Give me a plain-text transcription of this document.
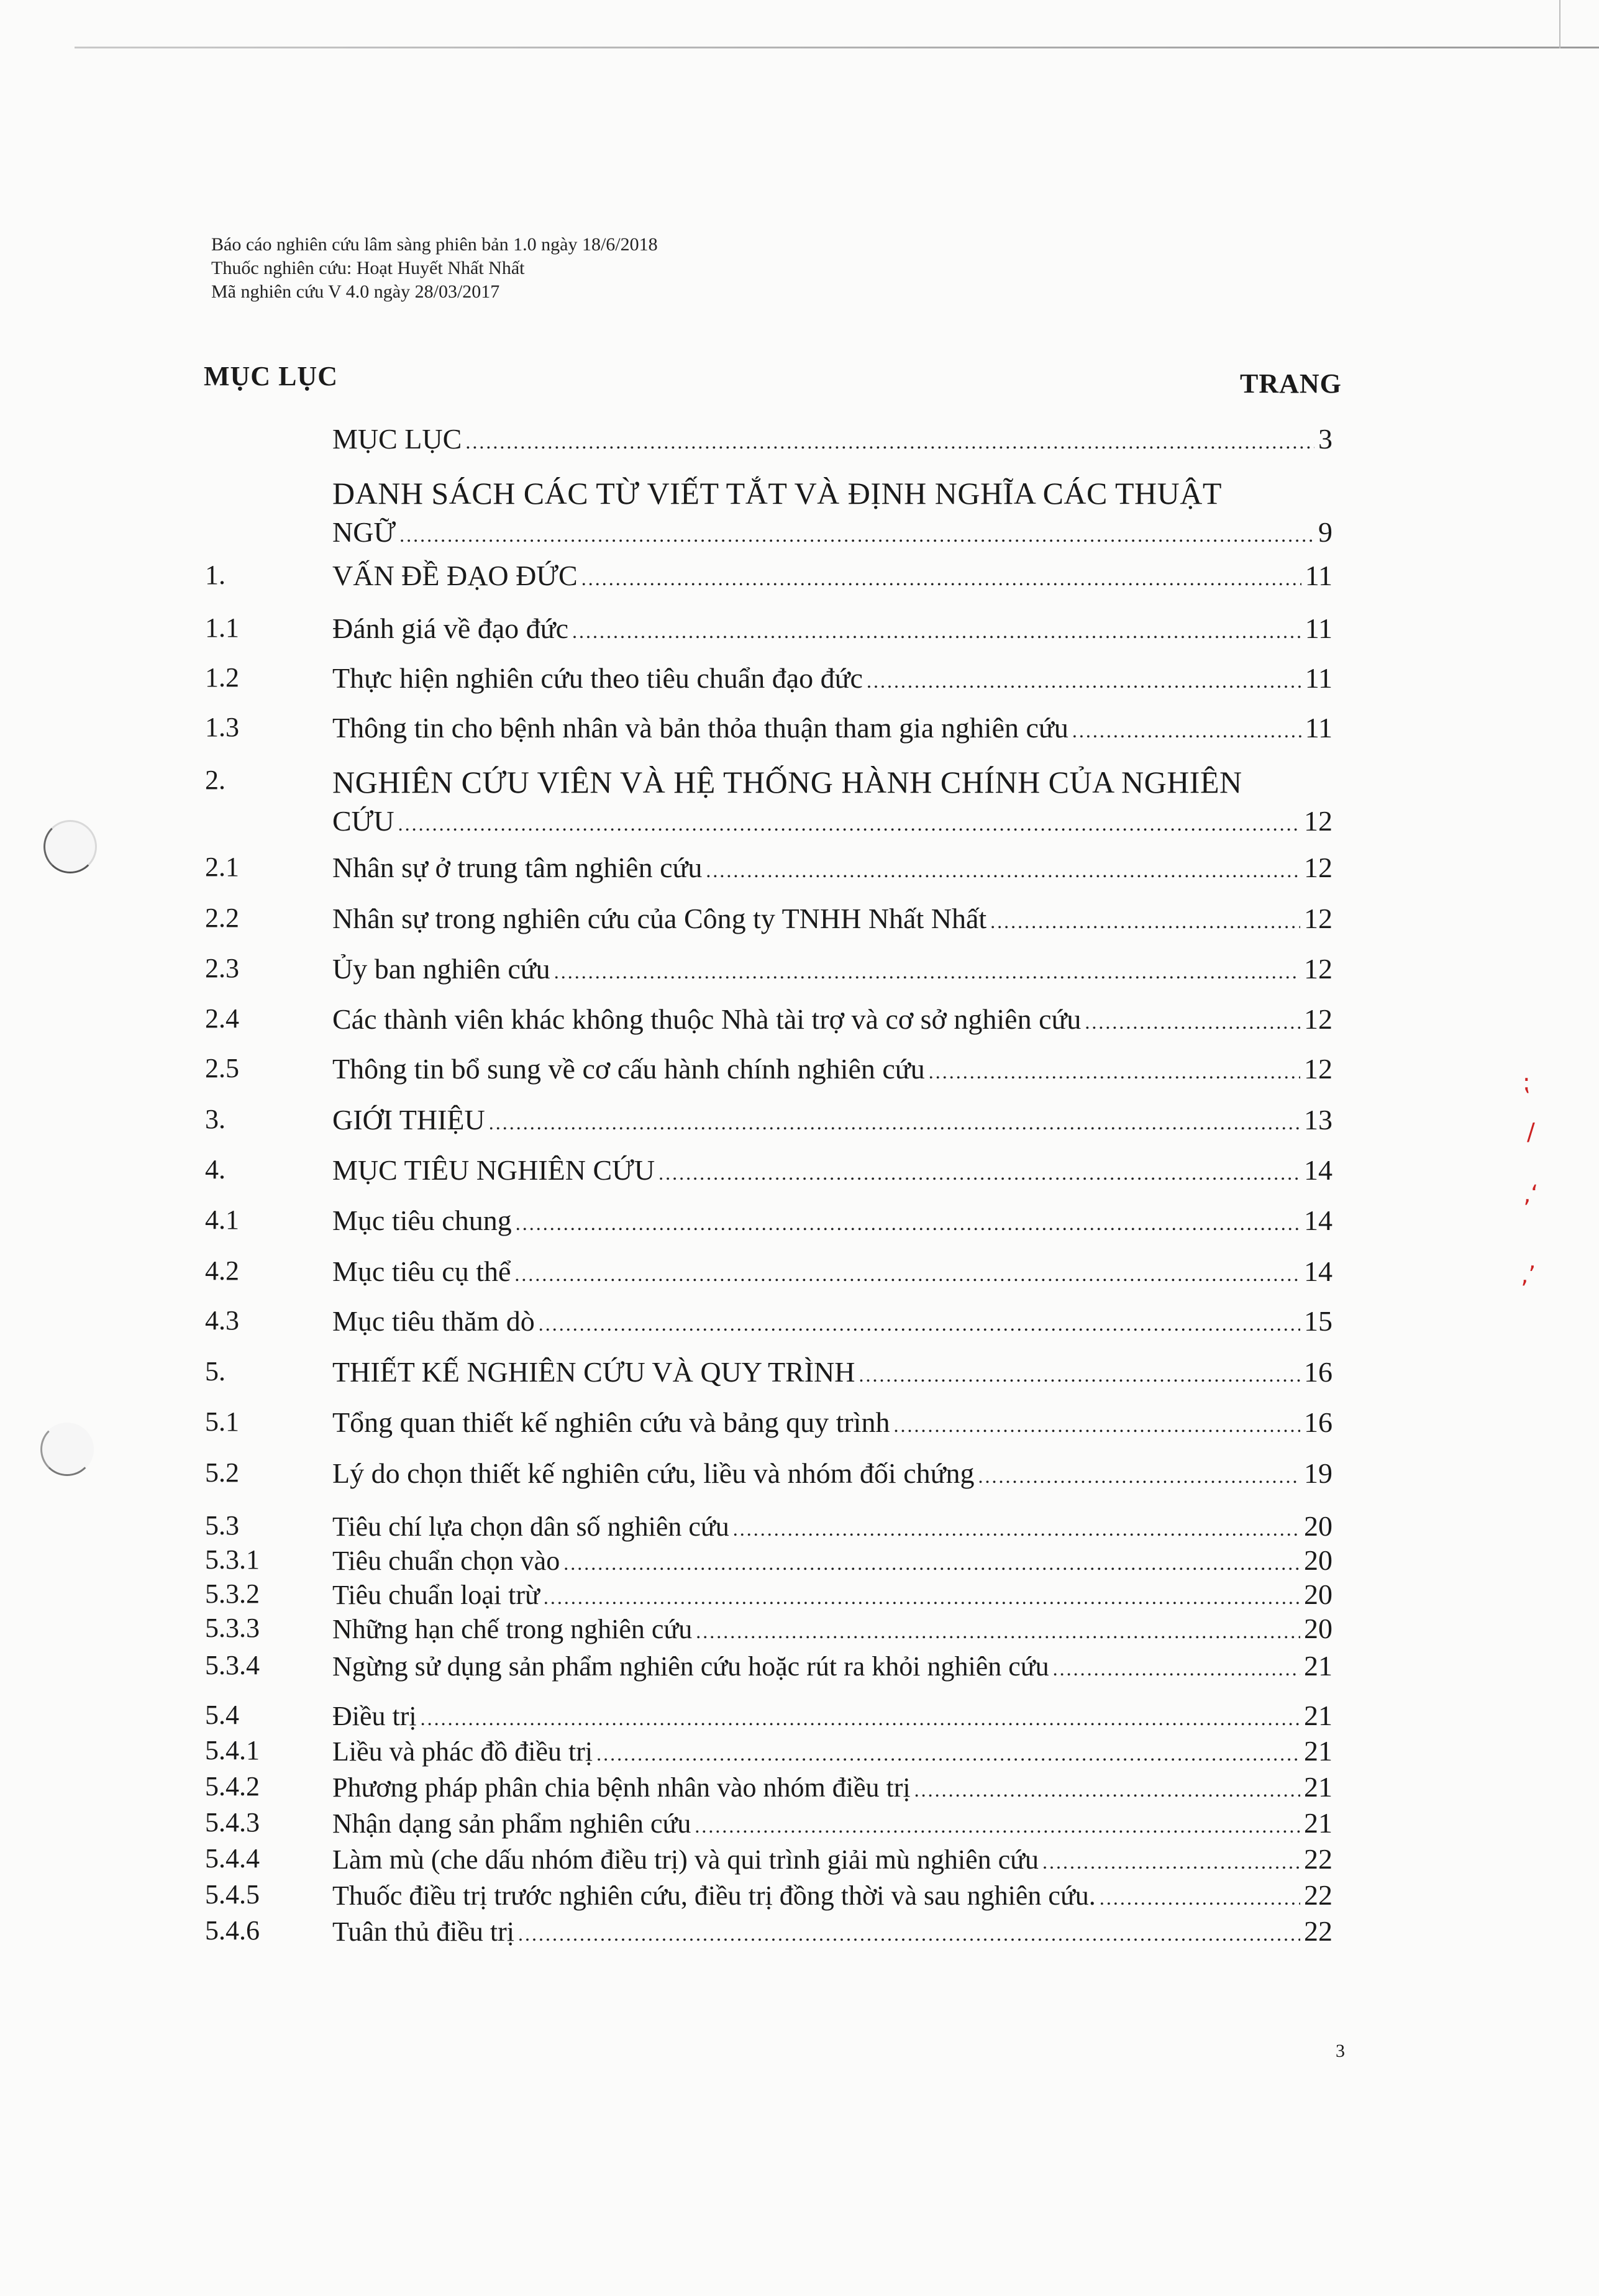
⁏
/
‚‘
‚’
Báo cáo nghiên cứu lâm sàng phiên bản 1.0 ngày 18/6/2018
Thuốc nghiên cứu: Hoạt Huyết Nhất Nhất
Mã nghiên cứu V 4.0 ngày 28/03/2017
MỤC LỤC	TRANG
MỤC LỤC .....	3
DANH SÁCH CÁC TỪ VIẾT TẮT VÀ ĐỊNH NGHĨA CÁC THUẬT
NGỮ .....	9
1.	VẤN ĐỀ ĐẠO ĐỨC .....	11
1.1	Đánh giá về đạo đức .....	11
1.2	Thực hiện nghiên cứu theo tiêu chuẩn đạo đức .....	11
1.3	Thông tin cho bệnh nhân và bản thỏa thuận tham gia nghiên cứu .....	11
2.	NGHIÊN CỨU VIÊN VÀ HỆ THỐNG HÀNH CHÍNH CỦA NGHIÊN
CỨU .....	12
2.1	Nhân sự ở trung tâm nghiên cứu .....	12
2.2	Nhân sự trong nghiên cứu của Công ty TNHH Nhất Nhất .....	12
2.3	Ủy ban nghiên cứu .....	12
2.4	Các thành viên khác không thuộc Nhà tài trợ và cơ sở nghiên cứu .....	12
2.5	Thông tin bổ sung về cơ cấu hành chính nghiên cứu .....	12
3.	GIỚI THIỆU .....	13
4.	MỤC TIÊU NGHIÊN CỨU .....	14
4.1	Mục tiêu chung .....	14
4.2	Mục tiêu cụ thể .....	14
4.3	Mục tiêu thăm dò .....	15
5.	THIẾT KẾ NGHIÊN CỨU VÀ QUY TRÌNH .....	16
5.1	Tổng quan thiết kế nghiên cứu và bảng quy trình .....	16
5.2	Lý do chọn thiết kế nghiên cứu, liều và nhóm đối chứng .....	19
5.3	Tiêu chí lựa chọn dân số nghiên cứu .....	20
5.3.1	Tiêu chuẩn chọn vào .....	20
5.3.2	Tiêu chuẩn loại trừ .....	20
5.3.3	Những hạn chế trong nghiên cứu .....	20
5.3.4	Ngừng sử dụng sản phẩm nghiên cứu hoặc rút ra khỏi nghiên cứu .....	21
5.4	Điều trị .....	21
5.4.1	Liều và phác đồ điều trị .....	21
5.4.2	Phương pháp phân chia bệnh nhân vào nhóm điều trị .....	21
5.4.3	Nhận dạng sản phẩm nghiên cứu .....	21
5.4.4	Làm mù (che dấu nhóm điều trị) và qui trình giải mù nghiên cứu .....	22
5.4.5	Thuốc điều trị trước nghiên cứu, điều trị đồng thời và sau nghiên cứu. .....	22
5.4.6	Tuân thủ điều trị .....	22
3
